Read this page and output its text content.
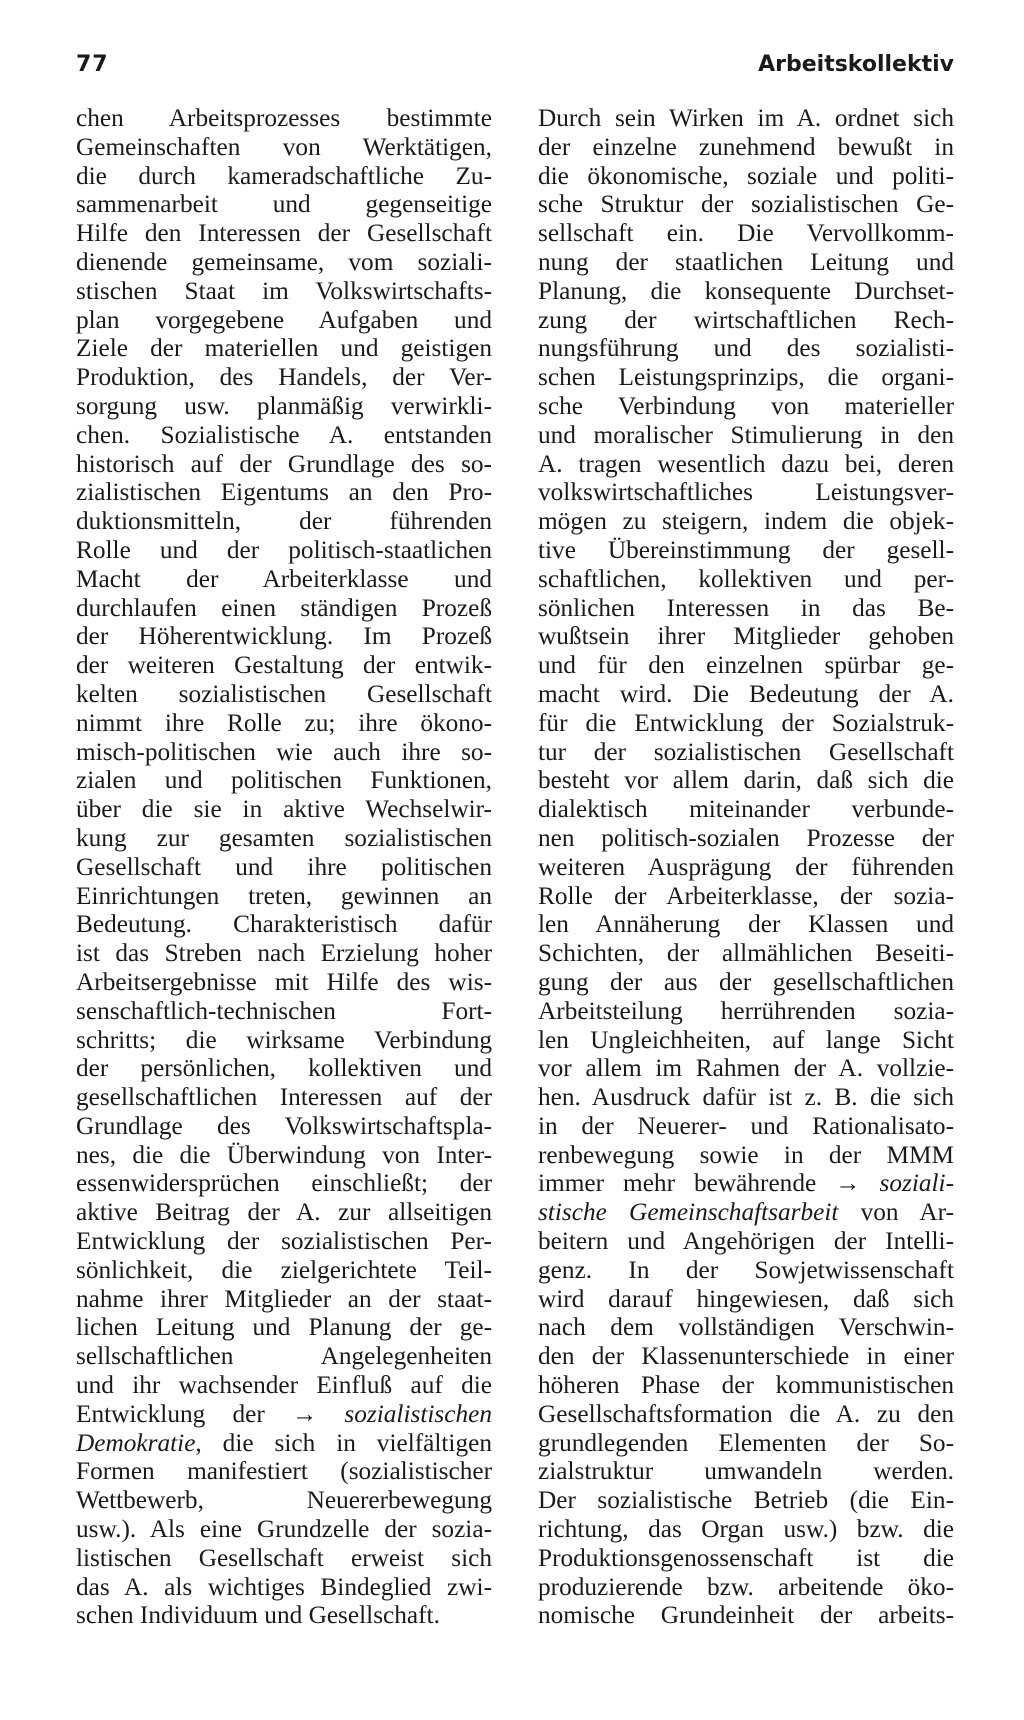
77	Arbeitskollektiv
chen Arbeitsprozesses bestimmte
Gemeinschaften von Werktätigen,
die durch kameradschaftliche Zu-
sammenarbeit und gegenseitige
Hilfe den Interessen der Gesellschaft
dienende gemeinsame, vom soziali-
stischen Staat im Volkswirtschafts-
plan vorgegebene Aufgaben und
Ziele der materiellen und geistigen
Produktion, des Handels, der Ver-
sorgung usw. planmäßig verwirkli-
chen. Sozialistische A. entstanden
historisch auf der Grundlage des so-
zialistischen Eigentums an den Pro-
duktionsmitteln, der führenden
Rolle und der politisch-staatlichen
Macht der Arbeiterklasse und
durchlaufen einen ständigen Prozeß
der Höherentwicklung. Im Prozeß
der weiteren Gestaltung der entwik-
kelten sozialistischen Gesellschaft
nimmt ihre Rolle zu; ihre ökono-
misch-politischen wie auch ihre so-
zialen und politischen Funktionen,
über die sie in aktive Wechselwir-
kung zur gesamten sozialistischen
Gesellschaft und ihre politischen
Einrichtungen treten, gewinnen an
Bedeutung. Charakteristisch dafür
ist das Streben nach Erzielung hoher
Arbeitsergebnisse mit Hilfe des wis-
senschaftlich-technischen Fort-
schritts; die wirksame Verbindung
der persönlichen, kollektiven und
gesellschaftlichen Interessen auf der
Grundlage des Volkswirtschaftspla-
nes, die die Überwindung von Inter-
essenwidersprüchen einschließt; der
aktive Beitrag der A. zur allseitigen
Entwicklung der sozialistischen Per-
sönlichkeit, die zielgerichtete Teil-
nahme ihrer Mitglieder an der staat-
lichen Leitung und Planung der ge-
sellschaftlichen Angelegenheiten
und ihr wachsender Einfluß auf die
Entwicklung der → sozialistischen
Demokratie, die sich in vielfältigen
Formen manifestiert (sozialistischer
Wettbewerb, Neuererbewegung
usw.). Als eine Grundzelle der sozia-
listischen Gesellschaft erweist sich
das A. als wichtiges Bindeglied zwi-
schen Individuum und Gesellschaft.
Durch sein Wirken im A. ordnet sich
der einzelne zunehmend bewußt in
die ökonomische, soziale und politi-
sche Struktur der sozialistischen Ge-
sellschaft ein. Die Vervollkomm-
nung der staatlichen Leitung und
Planung, die konsequente Durchset-
zung der wirtschaftlichen Rech-
nungsführung und des sozialisti-
schen Leistungsprinzips, die organi-
sche Verbindung von materieller
und moralischer Stimulierung in den
A. tragen wesentlich dazu bei, deren
volkswirtschaftliches Leistungsver-
mögen zu steigern, indem die objek-
tive Übereinstimmung der gesell-
schaftlichen, kollektiven und per-
sönlichen Interessen in das Be-
wußtsein ihrer Mitglieder gehoben
und für den einzelnen spürbar ge-
macht wird. Die Bedeutung der A.
für die Entwicklung der Sozialstruk-
tur der sozialistischen Gesellschaft
besteht vor allem darin, daß sich die
dialektisch miteinander verbunde-
nen politisch-sozialen Prozesse der
weiteren Ausprägung der führenden
Rolle der Arbeiterklasse, der sozia-
len Annäherung der Klassen und
Schichten, der allmählichen Beseiti-
gung der aus der gesellschaftlichen
Arbeitsteilung herrührenden sozia-
len Ungleichheiten, auf lange Sicht
vor allem im Rahmen der A. vollzie-
hen. Ausdruck dafür ist z. B. die sich
in der Neuerer- und Rationalisato-
renbewegung sowie in der MMM
immer mehr bewährende → soziali-
stische Gemeinschaftsarbeit von Ar-
beitern und Angehörigen der Intelli-
genz. In der Sowjetwissenschaft
wird darauf hingewiesen, daß sich
nach dem vollständigen Verschwin-
den der Klassenunterschiede in einer
höheren Phase der kommunistischen
Gesellschaftsformation die A. zu den
grundlegenden Elementen der So-
zialstruktur umwandeln werden.
Der sozialistische Betrieb (die Ein-
richtung, das Organ usw.) bzw. die
Produktionsgenossenschaft ist die
produzierende bzw. arbeitende öko-
nomische Grundeinheit der arbeits-
